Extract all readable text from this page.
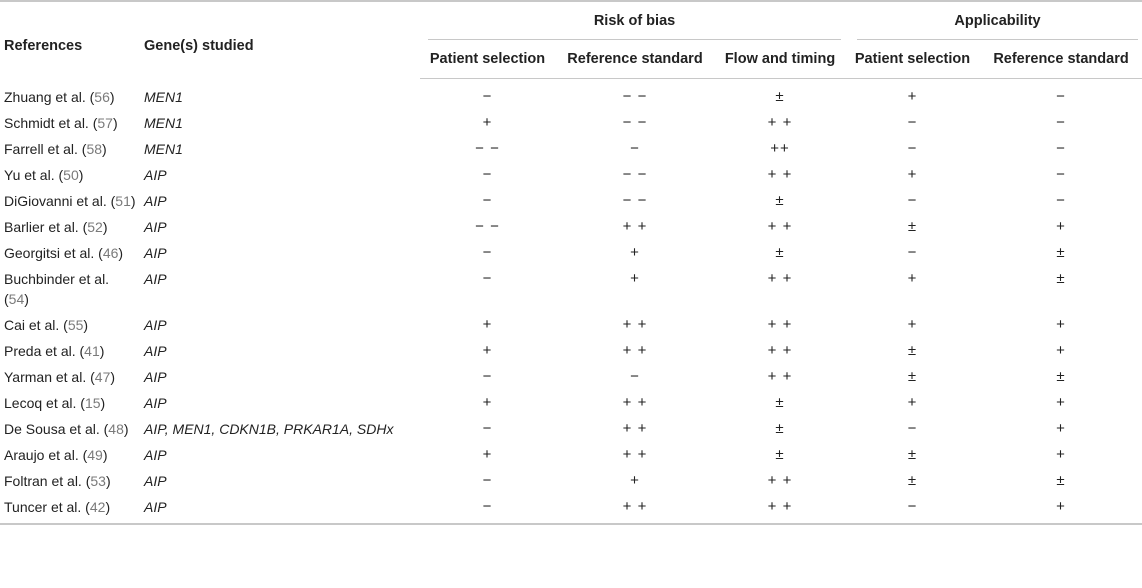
References	Gene(s) studied	Risk of bias			Applicability	

		Patient selection	Reference standard	Flow and timing	Patient selection	Reference standard
Zhuang et al. (56)	MEN1	−	− −	±	+	−
Schmidt et al. (57)	MEN1	+	− −	+ +	−	−
Farrell et al. (58)	MEN1	− −	−	++	−	−
Yu et al. (50)	AIP	−	− −	+ +	+	−
DiGiovanni et al. (51)	AIP	−	− −	±	−	−
Barlier et al. (52)	AIP	− −	+ +	+ +	±	+
Georgitsi et al. (46)	AIP	−	+	±	−	±
Buchbinder et al. (54)	AIP	−	+	+ +	+	±
Cai et al. (55)	AIP	+	+ +	+ +	+	+
Preda et al. (41)	AIP	+	+ +	+ +	±	+
Yarman et al. (47)	AIP	−	−	+ +	±	±
Lecoq et al. (15)	AIP	+	+ +	±	+	+
De Sousa et al. (48)	AIP, MEN1, CDKN1B, PRKAR1A, SDHx	−	+ +	±	−	+
Araujo et al. (49)	AIP	+	+ +	±	±	+
Foltran et al. (53)	AIP	−	+	+ +	±	±
Tuncer et al. (42)	AIP	−	+ +	+ +	−	+
